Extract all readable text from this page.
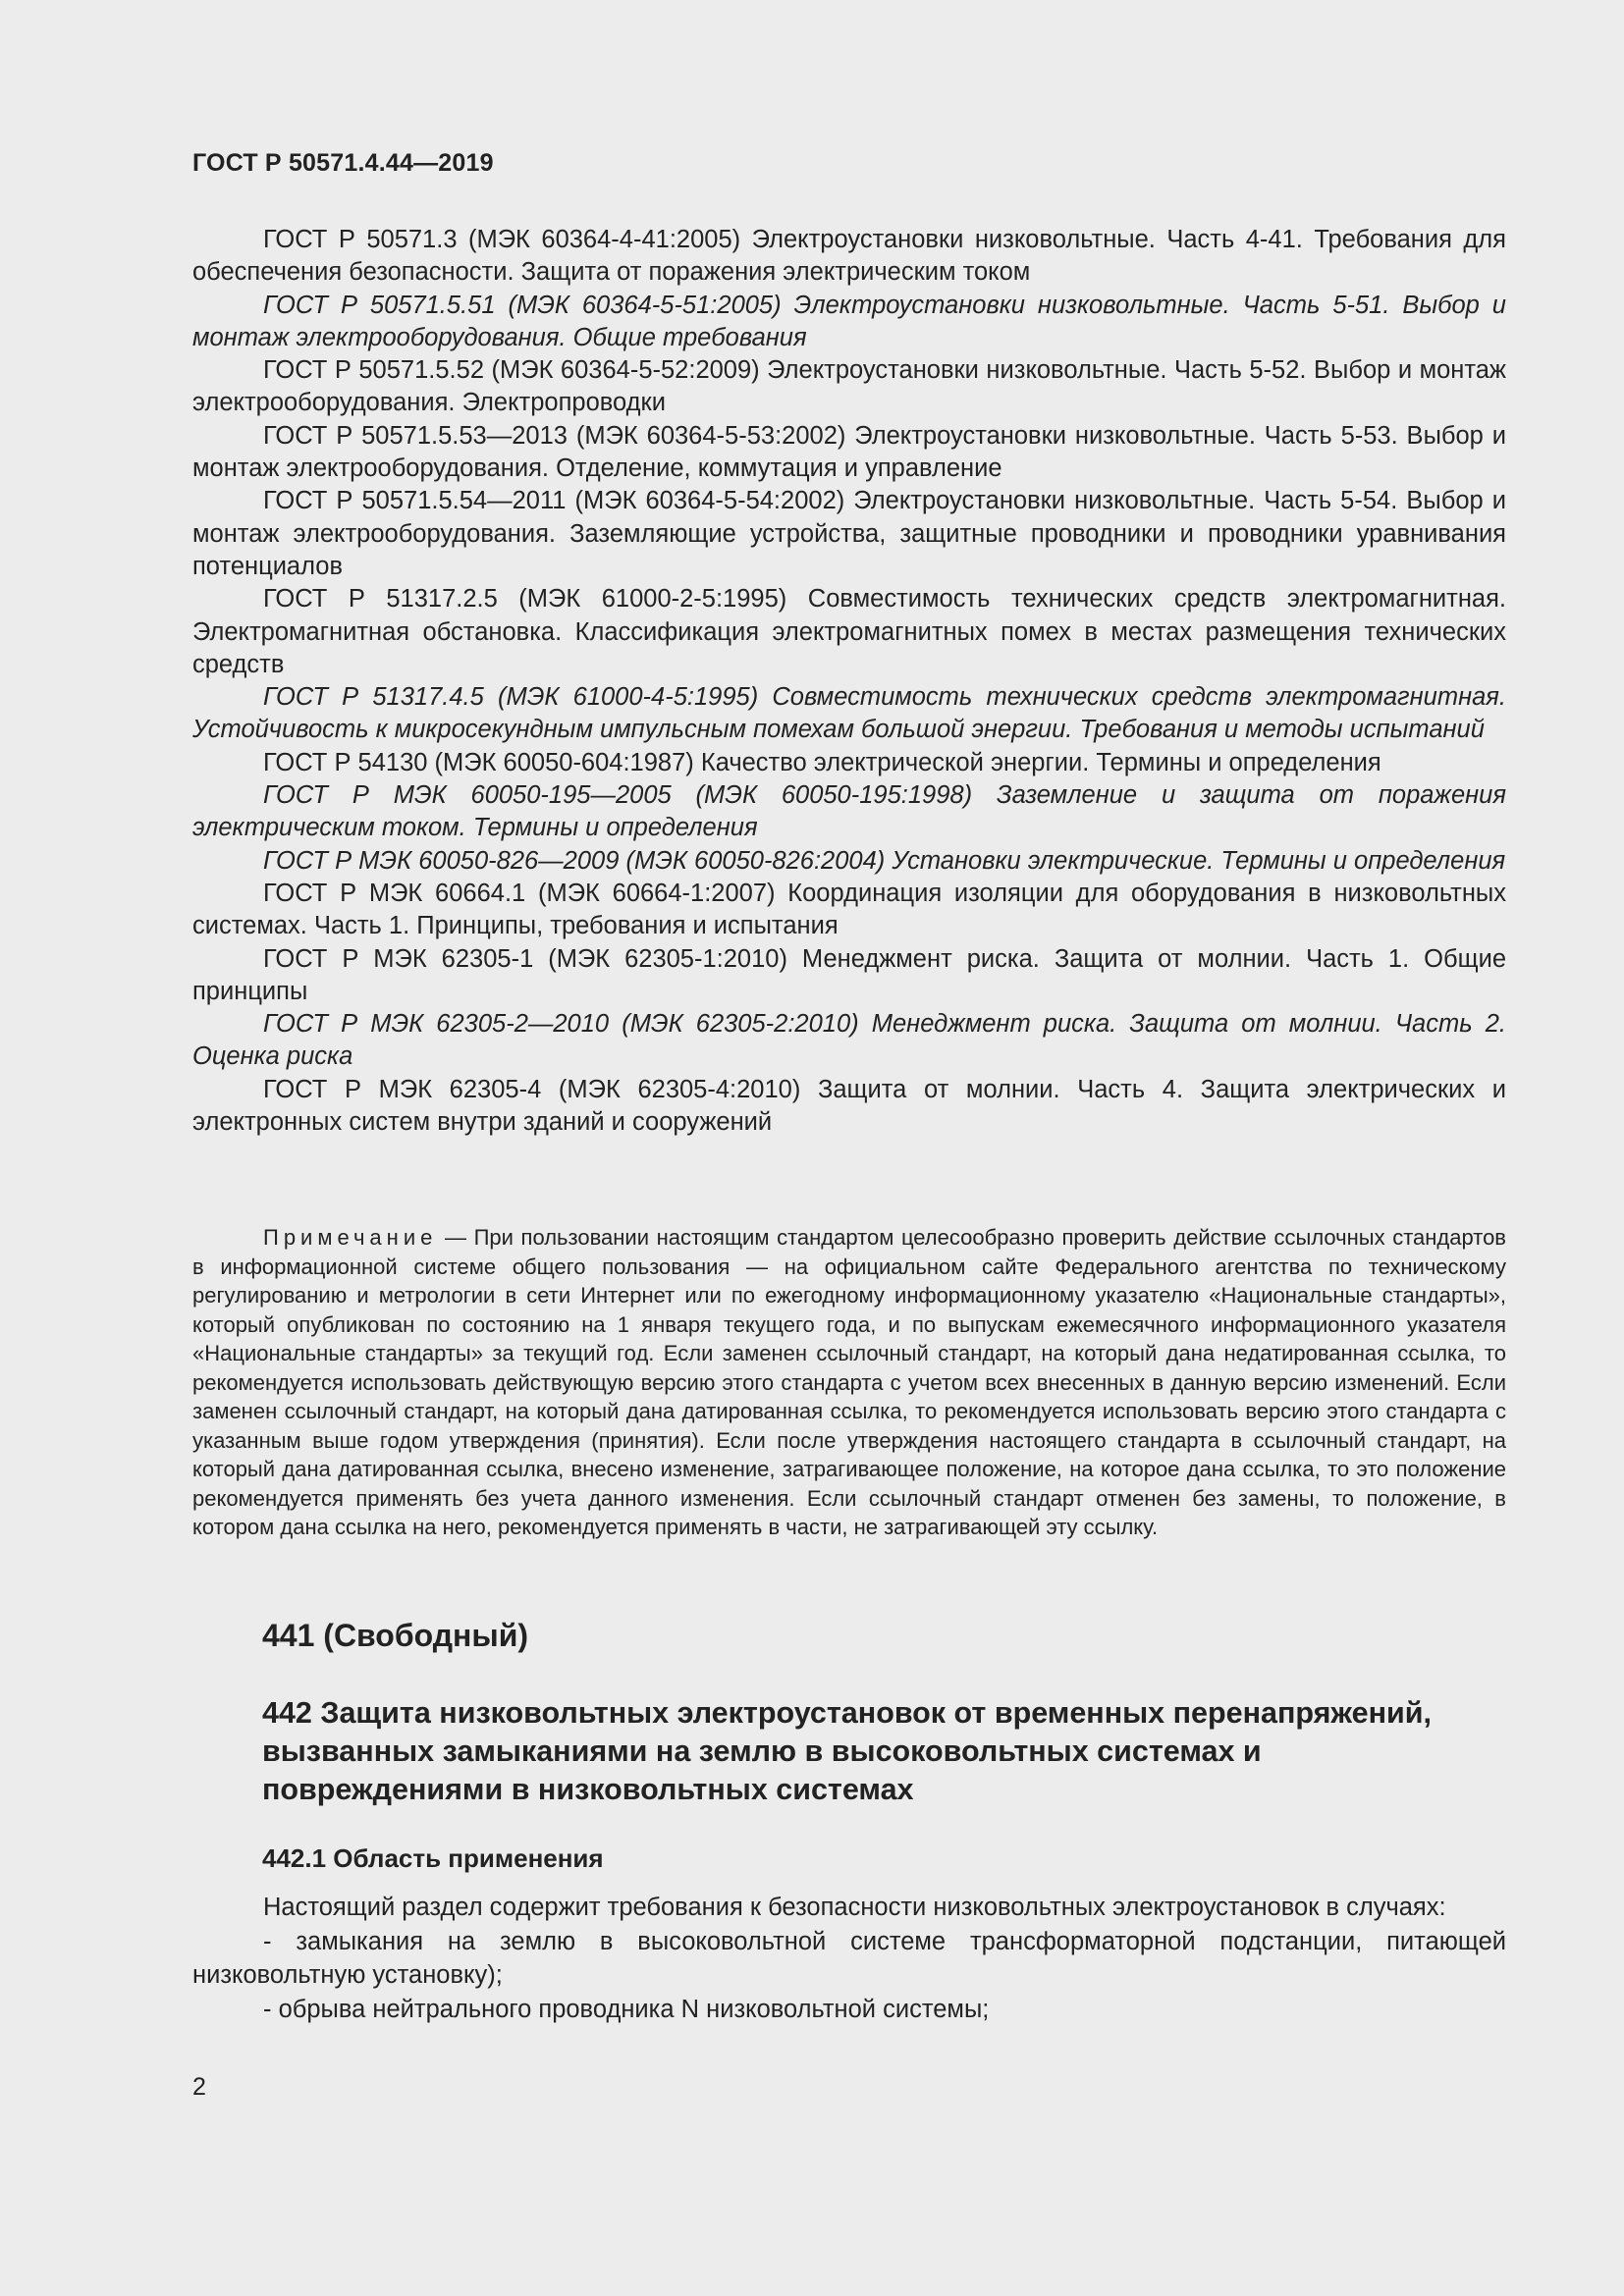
ГОСТ Р 50571.4.44—2019

ГОСТ Р 50571.3 (МЭК 60364-4-41:2005) Электроустановки низковольтные. Часть 4-41. Требования для обеспечения безопасности. Защита от поражения электрическим током

ГОСТ Р 50571.5.51 (МЭК 60364-5-51:2005) Электроустановки низковольтные. Часть 5-51. Выбор и монтаж электрооборудования. Общие требования

ГОСТ Р 50571.5.52 (МЭК 60364-5-52:2009) Электроустановки низковольтные. Часть 5-52. Выбор и монтаж электрооборудования. Электропроводки

ГОСТ Р 50571.5.53—2013 (МЭК 60364-5-53:2002) Электроустановки низковольтные. Часть 5-53. Выбор и монтаж электрооборудования. Отделение, коммутация и управление

ГОСТ Р 50571.5.54—2011 (МЭК 60364-5-54:2002) Электроустановки низковольтные. Часть 5-54. Выбор и монтаж электрооборудования. Заземляющие устройства, защитные проводники и проводники уравнивания потенциалов

ГОСТ Р 51317.2.5 (МЭК 61000-2-5:1995) Совместимость технических средств электромагнитная. Электромагнитная обстановка. Классификация электромагнитных помех в местах размещения технических средств

ГОСТ Р 51317.4.5 (МЭК 61000-4-5:1995) Совместимость технических средств электромагнитная. Устойчивость к микросекундным импульсным помехам большой энергии. Требования и методы испытаний

ГОСТ Р 54130 (МЭК 60050-604:1987) Качество электрической энергии. Термины и определения

ГОСТ Р МЭК 60050-195—2005 (МЭК 60050-195:1998) Заземление и защита от поражения электрическим током. Термины и определения

ГОСТ Р МЭК 60050-826—2009 (МЭК 60050-826:2004) Установки электрические. Термины и определения

ГОСТ Р МЭК 60664.1 (МЭК 60664-1:2007) Координация изоляции для оборудования в низковольтных системах. Часть 1. Принципы, требования и испытания

ГОСТ Р МЭК 62305-1 (МЭК 62305-1:2010) Менеджмент риска. Защита от молнии. Часть 1. Общие принципы

ГОСТ Р МЭК 62305-2—2010 (МЭК 62305-2:2010) Менеджмент риска. Защита от молнии. Часть 2. Оценка риска

ГОСТ Р МЭК 62305-4 (МЭК 62305-4:2010) Защита от молнии. Часть 4. Защита электрических и электронных систем внутри зданий и сооружений

Примечание — При пользовании настоящим стандартом целесообразно проверить действие ссылочных стандартов в информационной системе общего пользования — на официальном сайте Федерального агентства по техническому регулированию и метрологии в сети Интернет или по ежегодному информационному указателю «Национальные стандарты», который опубликован по состоянию на 1 января текущего года, и по выпускам ежемесячного информационного указателя «Национальные стандарты» за текущий год. Если заменен ссылочный стандарт, на который дана недатированная ссылка, то рекомендуется использовать действующую версию этого стандарта с учетом всех внесенных в данную версию изменений. Если заменен ссылочный стандарт, на который дана датированная ссылка, то рекомендуется использовать версию этого стандарта с указанным выше годом утверждения (принятия). Если после утверждения настоящего стандарта в ссылочный стандарт, на который дана датированная ссылка, внесено изменение, затрагивающее положение, на которое дана ссылка, то это положение рекомендуется применять без учета данного изменения. Если ссылочный стандарт отменен без замены, то положение, в котором дана ссылка на него, рекомендуется применять в части, не затрагивающей эту ссылку.

441 (Свободный)
442 Защита низковольтных электроустановок от временных перенапряжений, вызванных замыканиями на землю в высоковольтных системах и повреждениями в низковольтных системах
442.1 Область применения

Настоящий раздел содержит требования к безопасности низковольтных электроустановок в случаях:

- замыкания на землю в высоковольтной системе трансформаторной подстанции, питающей низковольтную установку);

- обрыва нейтрального проводника N низковольтной системы;

2
